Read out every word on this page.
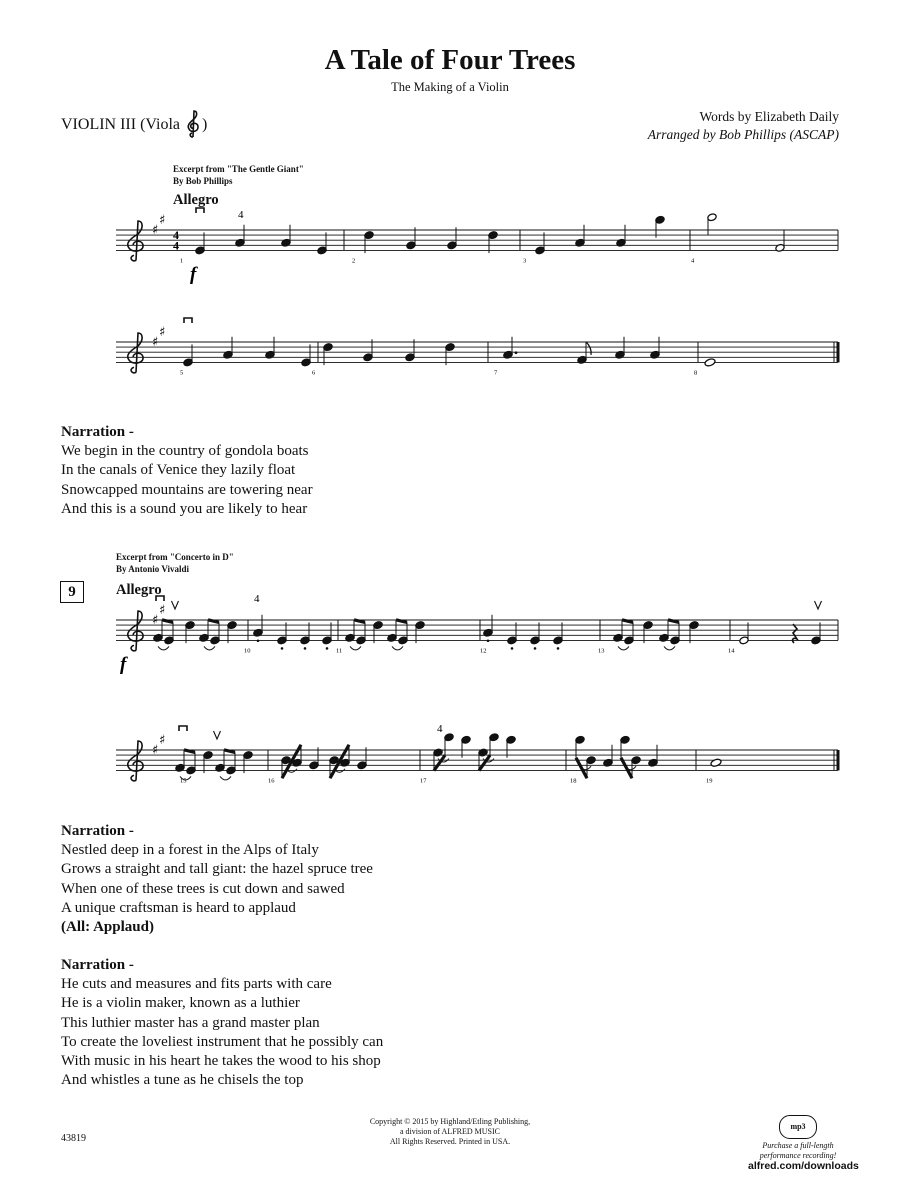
A Tale of Four Trees
The Making of a Violin
VIOLIN III (Viola )	Words by Elizabeth Daily
Arranged by Bob Phillips (ASCAP)
Excerpt from "The Gentle Giant"
By Bob Phillips
Allegro
♯
♯
4
4
4
f
1	2	3	4
♯
♯
5	6	7	8
Narration -
We begin in the country of gondola boats
In the canals of Venice they lazily float
Snowcapped mountains are towering near
And this is a sound you are likely to hear
Excerpt from "Concerto in D"
By Antonio Vivaldi
9	Allegro
♯
♯
4
f
10	11	12	13	14
♯
♯
4
15	16	17	18	19
Narration -
Nestled deep in a forest in the Alps of Italy
Grows a straight and tall giant: the hazel spruce tree
When one of these trees is cut down and sawed
A unique craftsman is heard to applaud
(All: Applaud)
Narration -
He cuts and measures and fits parts with care
He is a violin maker, known as a luthier
This luthier master has a grand master plan
To create the loveliest instrument that he possibly can
With music in his heart he takes the wood to his shop
And whistles a tune as he chisels the top
Copyright © 2015 by Highland/Etling Publishing,
a division of ALFRED MUSIC
All Rights Reserved. Printed in USA.
43819
mp3
Purchase a full-length
performance recording!
alfred.com/downloads
